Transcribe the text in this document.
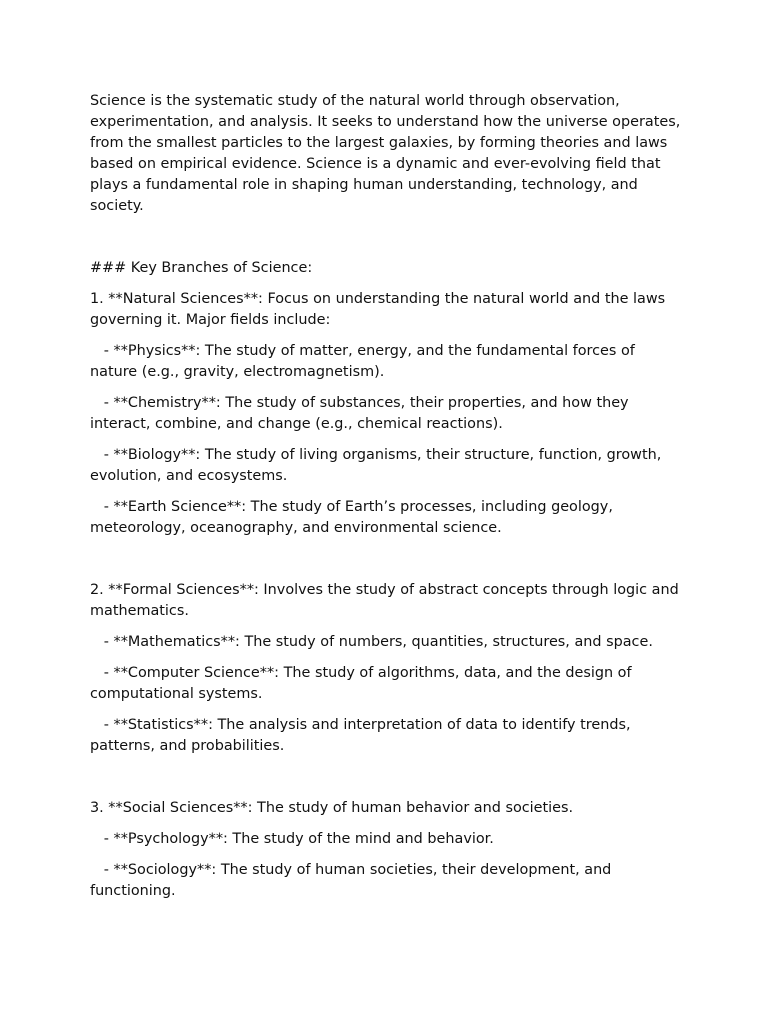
Science is the systematic study of the natural world through observation, experimentation, and analysis. It seeks to understand how the universe operates, from the smallest particles to the largest galaxies, by forming theories and laws based on empirical evidence. Science is a dynamic and ever-evolving field that plays a fundamental role in shaping human understanding, technology, and society.

### Key Branches of Science:

1. **Natural Sciences**: Focus on understanding the natural world and the laws governing it. Major fields include:

- **Physics**: The study of matter, energy, and the fundamental forces of nature (e.g., gravity, electromagnetism).

- **Chemistry**: The study of substances, their properties, and how they interact, combine, and change (e.g., chemical reactions).

- **Biology**: The study of living organisms, their structure, function, growth, evolution, and ecosystems.

- **Earth Science**: The study of Earth’s processes, including geology, meteorology, oceanography, and environmental science.

2. **Formal Sciences**: Involves the study of abstract concepts through logic and mathematics.

- **Mathematics**: The study of numbers, quantities, structures, and space.

- **Computer Science**: The study of algorithms, data, and the design of computational systems.

- **Statistics**: The analysis and interpretation of data to identify trends, patterns, and probabilities.

3. **Social Sciences**: The study of human behavior and societies.

- **Psychology**: The study of the mind and behavior.

- **Sociology**: The study of human societies, their development, and functioning.
